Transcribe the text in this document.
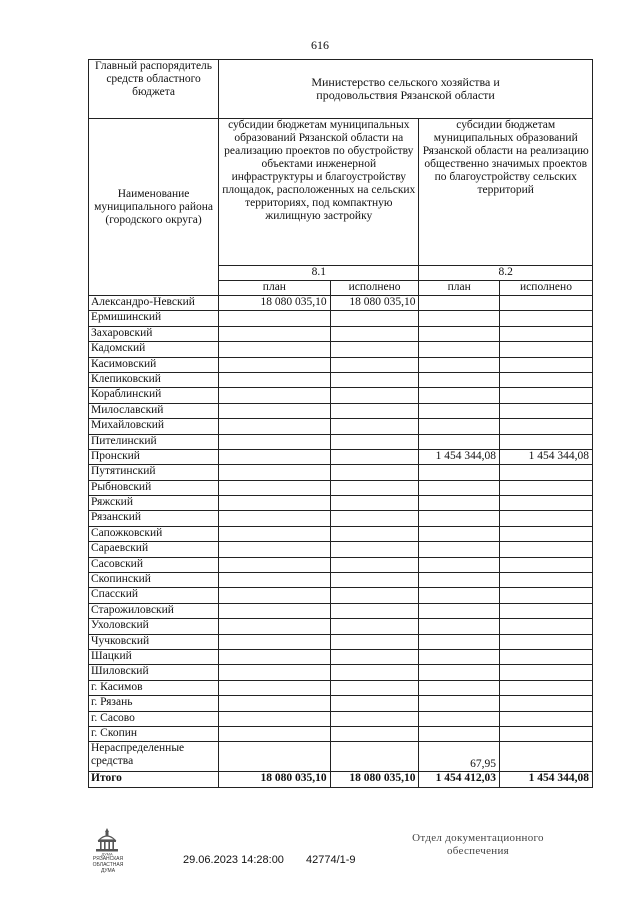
616
Главный распорядитель средств областного бюджета	Министерство сельского хозяйства и продовольствия Рязанской области			
Наименование муниципального района (городского округа)	субсидии бюджетам муниципальных образований Рязанской области на реализацию проектов по обустройству объектами инженерной инфраструктуры и благоустройству площадок, расположенных на сельских территориях, под компактную жилищную застройку		субсидии бюджетам муниципальных образований Рязанской области на реализацию общественно значимых проектов по благоустройству сельских территорий	
	8.1		8.2	
	план	исполнено	план	исполнено
Александро-Невский	18 080 035,10	18 080 035,10		
Ермишинский				
Захаровский				
Кадомский				
Касимовский				
Клепиковский				
Кораблинский				
Милославский				
Михайловский				
Пителинский				
Пронский			1 454 344,08	1 454 344,08
Путятинский				
Рыбновский				
Ряжский				
Рязанский				
Сапожковский				
Сараевский				
Сасовский				
Скопинский				
Спасский				
Старожиловский				
Ухоловский				
Чучковский				
Шацкий				
Шиловский				
г. Касимов				
г. Рязань				
г. Сасово				
г. Скопин				
Нераспределенные средства			67,95	
Итого	18 080 035,10	18 080 035,10	1 454 412,03	1 454 344,08
ДУМА
РЯЗАНСКАЯ ОБЛАСТНАЯ ДУМА
29.06.2023 14:28:00 42774/1-9
Отдел документационного
обеспечения
